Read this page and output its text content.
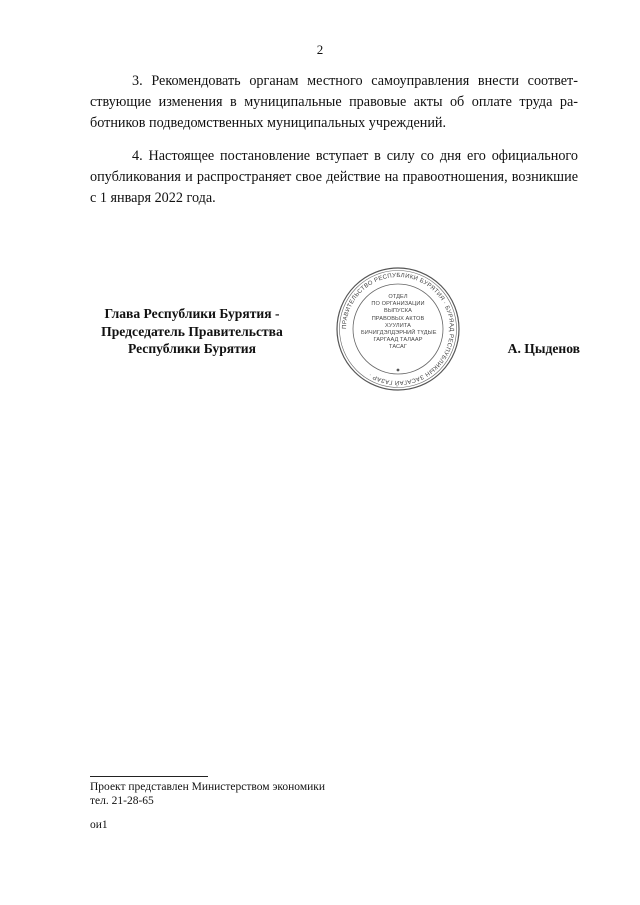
2

3. Рекомендовать органам местного самоуправления внести соответствующие изменения в муниципальные правовые акты об оплате труда работников подведомственных муниципальных учреждений.

4. Настоящее постановление вступает в силу со дня его официального опубликования и распространяет свое действие на правоотношения, возникшие с 1 января 2022 года.

Глава Республики Бурятия -
Председатель Правительства
Республики Бурятия
ПРАВИТЕЛЬСТВО РЕСПУБЛИКИ БУРЯТИЯ · БУРЯАД РЕСПУБЛИКЫН ЗАСАГАЙ ГАЗАР ·
ОТДЕЛ
ПО ОРГАНИЗАЦИИ
ВЫПУСКА
ПРАВОВЫХ АКТОВ
ХУУЛИТА
БИЧИГДЭЛДЭРНИЙ ТҮДЫЕ
ГАРГААД ТАЛААР
ТАСАГ	А. Цыденов
Проект представлен Министерством экономики
тел. 21-28-65
ои1
